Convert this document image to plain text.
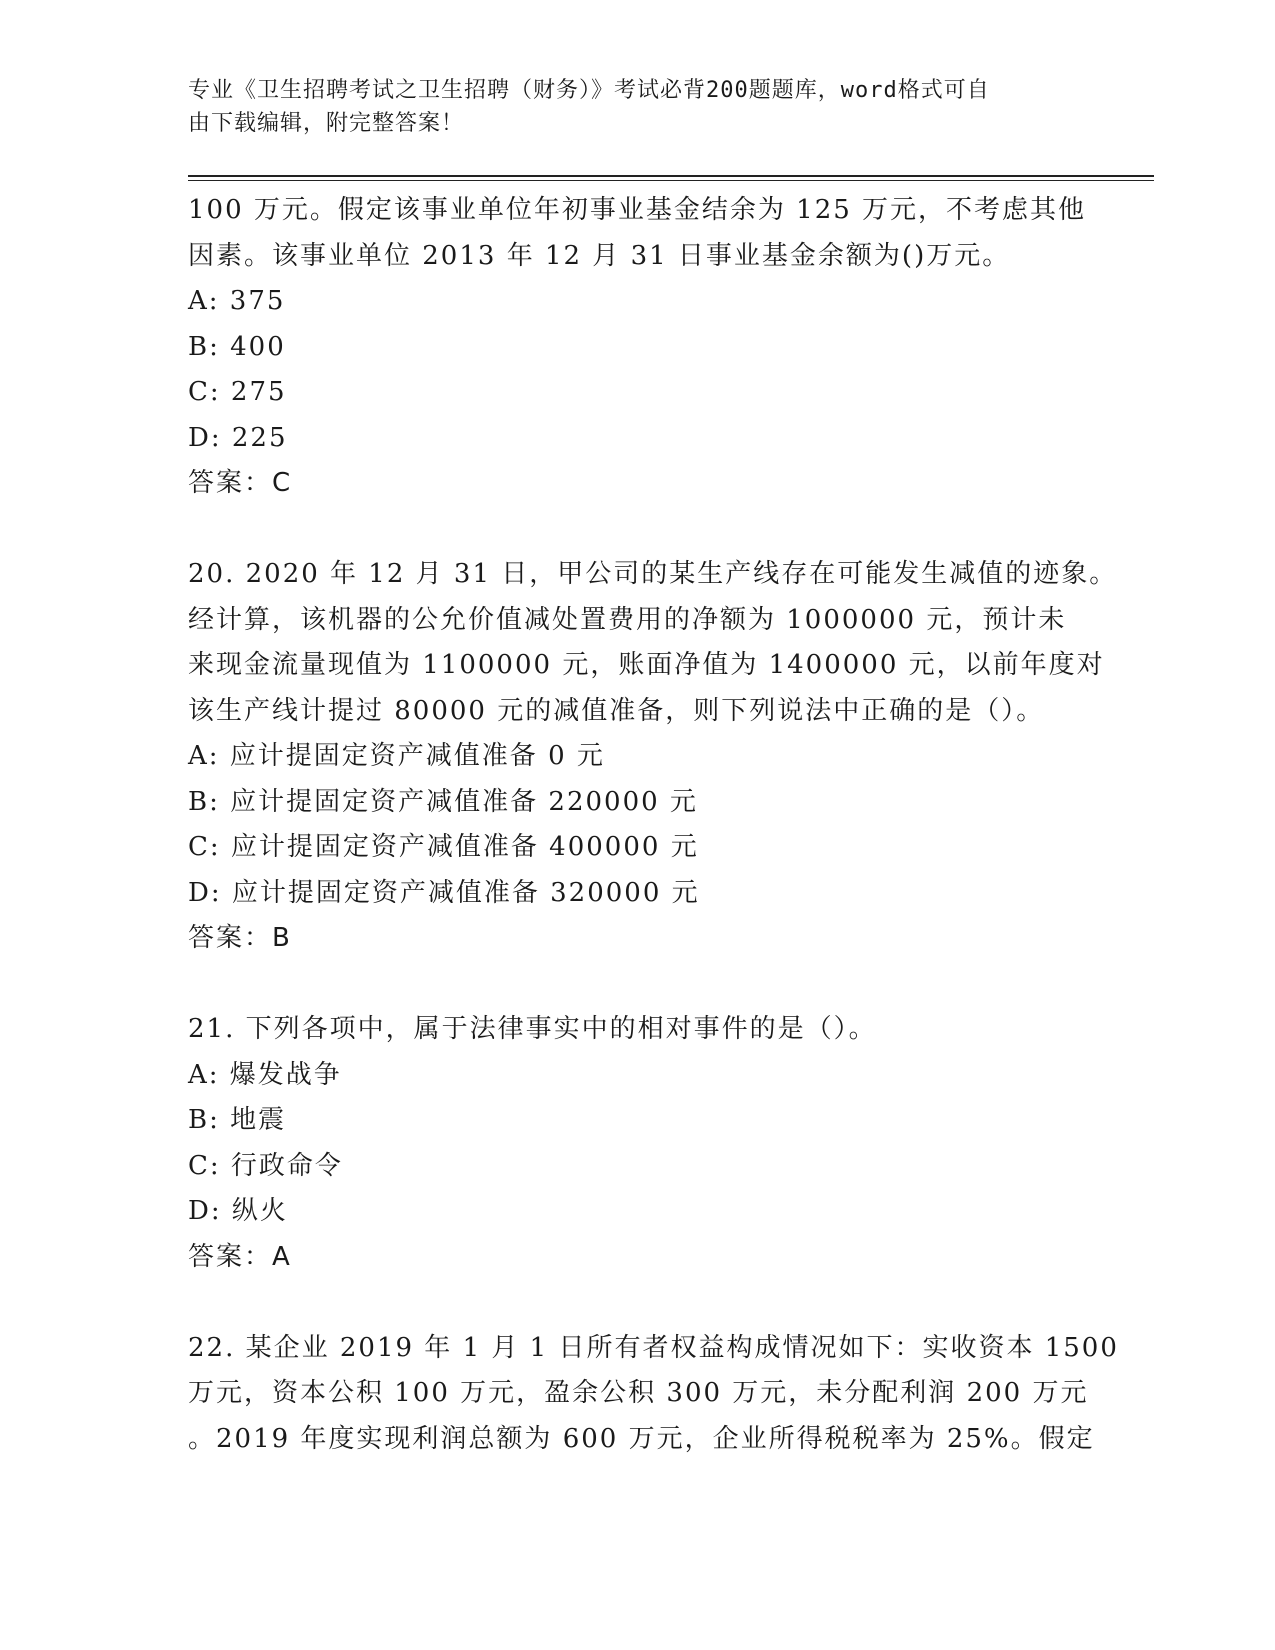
专业《卫生招聘考试之卫生招聘（财务）》考试必背200题题库，word格式可自
由下载编辑，附完整答案！
100 万元。假定该事业单位年初事业基金结余为 125 万元，不考虑其他
因素。该事业单位 2013 年 12 月 31 日事业基金余额为()万元。
A: 375
B: 400
C: 275
D: 225
答案：C
20. 2020 年 12 月 31 日，甲公司的某生产线存在可能发生减值的迹象。
经计算，该机器的公允价值减处置费用的净额为 1000000 元，预计未
来现金流量现值为 1100000 元，账面净值为 1400000 元，以前年度对
该生产线计提过 80000 元的减值准备，则下列说法中正确的是（）。
A: 应计提固定资产减值准备 0 元
B: 应计提固定资产减值准备 220000 元
C: 应计提固定资产减值准备 400000 元
D: 应计提固定资产减值准备 320000 元
答案：B
21. 下列各项中，属于法律事实中的相对事件的是（）。
A: 爆发战争
B: 地震
C: 行政命令
D: 纵火
答案：A
22. 某企业 2019 年 1 月 1 日所有者权益构成情况如下：实收资本 1500
万元，资本公积 100 万元，盈余公积 300 万元，未分配利润 200 万元
。2019 年度实现利润总额为 600 万元，企业所得税税率为 25%。假定
